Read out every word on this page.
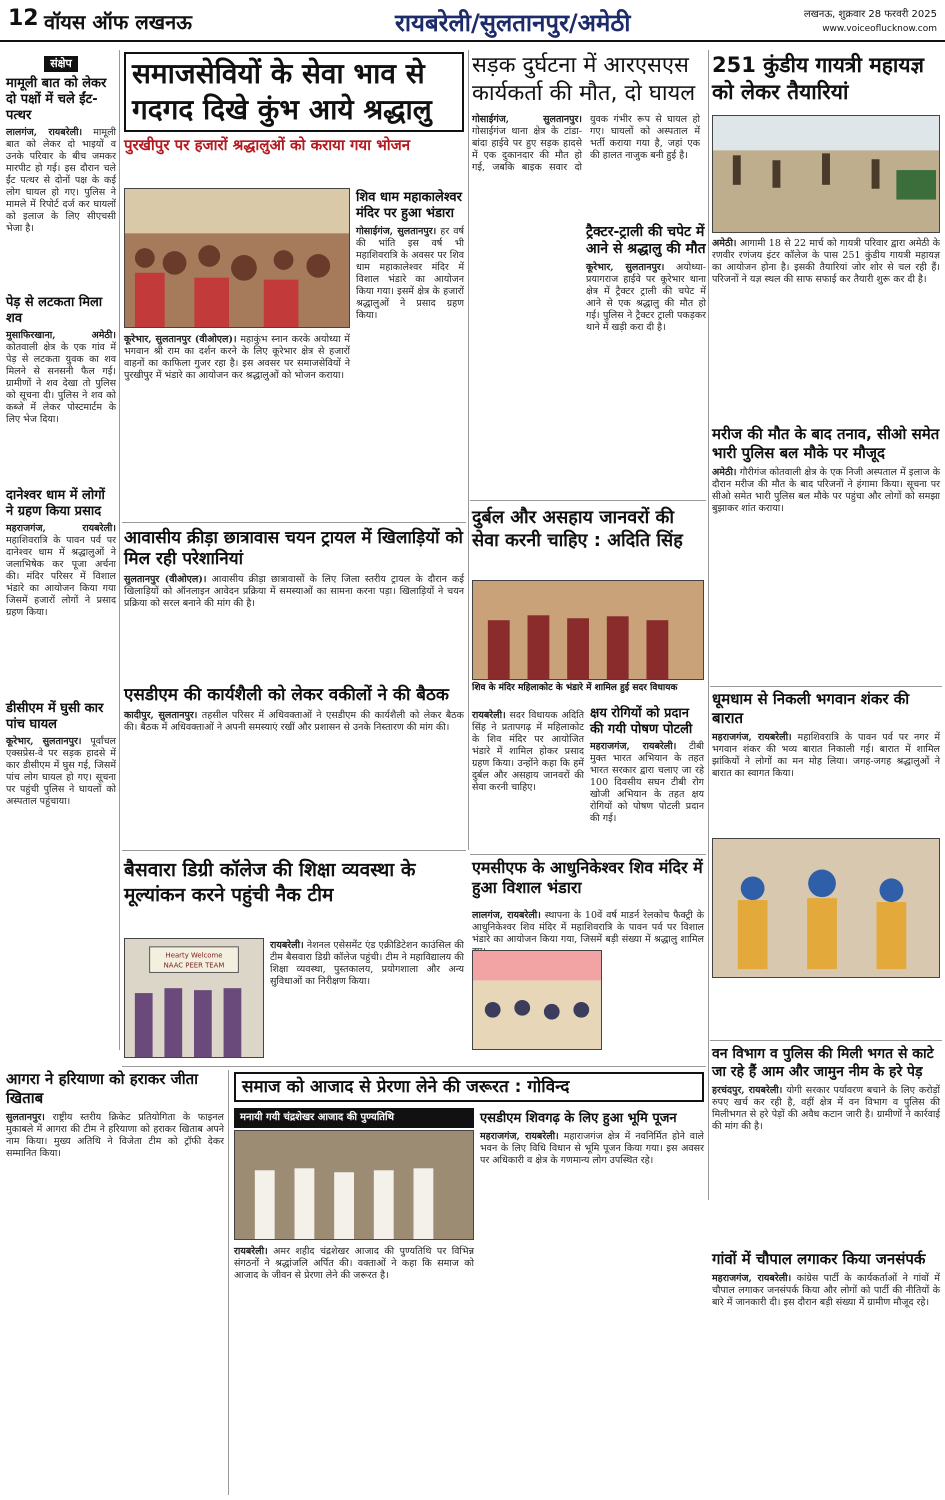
12 वॉयस ऑफ लखनऊ	रायबरेली/सुलतानपुर/अमेठी	लखनऊ, शुक्रवार 28 फरवरी 2025
www.voiceoflucknow.com
संक्षेप
मामूली बात को लेकर दो पक्षों में चले ईंट-पत्थर
लालगंज, रायबरेली। मामूली बात को लेकर दो भाइयों व उनके परिवार के बीच जमकर मारपीट हो गई। इस दौरान चले ईंट पत्थर से दोनों पक्ष के कई लोग घायल हो गए। पुलिस ने मामले में रिपोर्ट दर्ज कर घायलों को इलाज के लिए सीएचसी भेजा है।
पेड़ से लटकता मिला शव
मुसाफिरखाना, अमेठी। कोतवाली क्षेत्र के एक गांव में पेड़ से लटकता युवक का शव मिलने से सनसनी फैल गई। ग्रामीणों ने शव देखा तो पुलिस को सूचना दी। पुलिस ने शव को कब्जे में लेकर पोस्टमार्टम के लिए भेज दिया।
दानेश्वर धाम में लोगों ने ग्रहण किया प्रसाद
महराजगंज, रायबरेली। महाशिवरात्रि के पावन पर्व पर दानेश्वर धाम में श्रद्धालुओं ने जलाभिषेक कर पूजा अर्चना की। मंदिर परिसर में विशाल भंडारे का आयोजन किया गया जिसमें हजारों लोगों ने प्रसाद ग्रहण किया।
डीसीएम में घुसी कार पांच घायल
कूरेभार, सुलतानपुर। पूर्वांचल एक्सप्रेस-वे पर सड़क हादसे में कार डीसीएम में घुस गई, जिसमें पांच लोग घायल हो गए। सूचना पर पहुंची पुलिस ने घायलों को अस्पताल पहुंचाया।
समाजसेवियों के सेवा भाव से गदगद दिखे कुंभ आये श्रद्धालु
पुरखीपुर पर हजारों श्रद्धालुओं को कराया गया भोजन
शिव धाम महाकालेश्वर मंदिर पर हुआ भंडारा
गोसाईगंज, सुलतानपुर। हर वर्ष की भांति इस वर्ष भी महाशिवरात्रि के अवसर पर शिव धाम महाकालेश्वर मंदिर में विशाल भंडारे का आयोजन किया गया। इसमें क्षेत्र के हजारों श्रद्धालुओं ने प्रसाद ग्रहण किया।
कूरेभार, सुलतानपुर (वीओएल)। महाकुंभ स्नान करके अयोध्या में भगवान श्री राम का दर्शन करने के लिए कूरेभार क्षेत्र से हजारों वाहनों का काफिला गुजर रहा है। इस अवसर पर समाजसेवियों ने पुरखीपुर में भंडारे का आयोजन कर श्रद्धालुओं को भोजन कराया।
आवासीय क्रीड़ा छात्रावास चयन ट्रायल में खिलाड़ियों को मिल रही परेशानियां
सुलतानपुर (वीओएल)। आवासीय क्रीड़ा छात्रावासों के लिए जिला स्तरीय ट्रायल के दौरान कई खिलाड़ियों को ऑनलाइन आवेदन प्रक्रिया में समस्याओं का सामना करना पड़ा। खिलाड़ियों ने चयन प्रक्रिया को सरल बनाने की मांग की है।
एसडीएम की कार्यशैली को लेकर वकीलों ने की बैठक
कादीपुर, सुलतानपुर। तहसील परिसर में अधिवक्ताओं ने एसडीएम की कार्यशैली को लेकर बैठक की। बैठक में अधिवक्ताओं ने अपनी समस्याएं रखीं और प्रशासन से उनके निस्तारण की मांग की।
सड़क दुर्घटना में आरएसएस कार्यकर्ता की मौत, दो घायल
गोसाईगंज, सुलतानपुर। गोसाईगंज थाना क्षेत्र के टांडा-बांदा हाईवे पर हुए सड़क हादसे में एक दुकानदार की मौत हो गई, जबकि बाइक सवार दो युवक गंभीर रूप से घायल हो गए। घायलों को अस्पताल में भर्ती कराया गया है, जहां एक की हालत नाजुक बनी हुई है।
ट्रैक्टर-ट्राली की चपेट में आने से श्रद्धालु की मौत
कूरेभार, सुलतानपुर। अयोध्या-प्रयागराज हाईवे पर कूरेभार थाना क्षेत्र में ट्रैक्टर ट्राली की चपेट में आने से एक श्रद्धालु की मौत हो गई। पुलिस ने ट्रैक्टर ट्राली पकड़कर थाने में खड़ी करा दी है।
251 कुंडीय गायत्री महायज्ञ को लेकर तैयारियां
अमेठी। आगामी 18 से 22 मार्च को गायत्री परिवार द्वारा अमेठी के रणवीर रणंजय इंटर कॉलेज के पास 251 कुंडीय गायत्री महायज्ञ का आयोजन होना है। इसकी तैयारियां जोर शोर से चल रही हैं। परिजनों ने यज्ञ स्थल की साफ सफाई कर तैयारी शुरू कर दी है।
मरीज की मौत के बाद तनाव, सीओ समेत भारी पुलिस बल मौके पर मौजूद
अमेठी। गौरीगंज कोतवाली क्षेत्र के एक निजी अस्पताल में इलाज के दौरान मरीज की मौत के बाद परिजनों ने हंगामा किया। सूचना पर सीओ समेत भारी पुलिस बल मौके पर पहुंचा और लोगों को समझा बुझाकर शांत कराया।
धूमधाम से निकली भगवान शंकर की बारात
महराजगंज, रायबरेली। महाशिवरात्रि के पावन पर्व पर नगर में भगवान शंकर की भव्य बारात निकाली गई। बारात में शामिल झांकियों ने लोगों का मन मोह लिया। जगह-जगह श्रद्धालुओं ने बारात का स्वागत किया।
वन विभाग व पुलिस की मिली भगत से काटे जा रहे हैं आम और जामुन नीम के हरे पेड़
हरचंदपुर, रायबरेली। योगी सरकार पर्यावरण बचाने के लिए करोड़ों रुपए खर्च कर रही है, वहीं क्षेत्र में वन विभाग व पुलिस की मिलीभगत से हरे पेड़ों की अवैध कटान जारी है। ग्रामीणों ने कार्रवाई की मांग की है।
गांवों में चौपाल लगाकर किया जनसंपर्क
महराजगंज, रायबरेली। कांग्रेस पार्टी के कार्यकर्ताओं ने गांवों में चौपाल लगाकर जनसंपर्क किया और लोगों को पार्टी की नीतियों के बारे में जानकारी दी। इस दौरान बड़ी संख्या में ग्रामीण मौजूद रहे।
दुर्बल और असहाय जानवरों की सेवा करनी चाहिए : अदिति सिंह
शिव के मंदिर महिलाकोट के भंडारे में शामिल हुई सदर विधायक
रायबरेली। सदर विधायक अदिति सिंह ने प्रतापगढ़ में महिलाकोट के शिव मंदिर पर आयोजित भंडारे में शामिल होकर प्रसाद ग्रहण किया। उन्होंने कहा कि हमें दुर्बल और असहाय जानवरों की सेवा करनी चाहिए।
क्षय रोगियों को प्रदान की गयी पोषण पोटली
महराजगंज, रायबरेली। टीबी मुक्त भारत अभियान के तहत भारत सरकार द्वारा चलाए जा रहे 100 दिवसीय सघन टीबी रोग खोजी अभियान के तहत क्षय रोगियों को पोषण पोटली प्रदान की गई।
बैसवारा डिग्री कॉलेज की शिक्षा व्यवस्था के मूल्यांकन करने पहुंची नैक टीम
Hearty Welcome
NAAC PEER TEAM
रायबरेली। नेशनल एसेसमेंट एंड एक्रीडिटेशन काउंसिल की टीम बैसवारा डिग्री कॉलेज पहुंची। टीम ने महाविद्यालय की शिक्षा व्यवस्था, पुस्तकालय, प्रयोगशाला और अन्य सुविधाओं का निरीक्षण किया।
एमसीएफ के आधुनिकेश्वर शिव मंदिर में हुआ विशाल भंडारा
लालगंज, रायबरेली। स्थापना के 10वें वर्ष माडर्न रेलकोच फैक्ट्री के आधुनिकेश्वर शिव मंदिर में महाशिवरात्रि के पावन पर्व पर विशाल भंडारे का आयोजन किया गया, जिसमें बड़ी संख्या में श्रद्धालु शामिल
आगरा ने हरियाणा को हराकर जीता खिताब
सुलतानपुर। राष्ट्रीय स्तरीय क्रिकेट प्रतियोगिता के फाइनल मुकाबले में आगरा की टीम ने हरियाणा को हराकर खिताब अपने नाम किया। मुख्य अतिथि ने विजेता टीम को ट्रॉफी देकर सम्मानित किया।
समाज को आजाद से प्रेरणा लेने की जरूरत : गोविन्द
मनायी गयी चंद्रशेखर आजाद की पुण्यतिथि
रायबरेली। अमर शहीद चंद्रशेखर आजाद की पुण्यतिथि पर विभिन्न संगठनों ने श्रद्धांजलि अर्पित की। वक्ताओं ने कहा कि समाज को आजाद के जीवन से प्रेरणा लेने की जरूरत है।
एसडीएम शिवगढ़ के लिए हुआ भूमि पूजन
महराजगंज, रायबरेली। महाराजगंज क्षेत्र में नवनिर्मित होने वाले भवन के लिए विधि विधान से भूमि पूजन किया गया। इस अवसर पर अधिकारी व क्षेत्र के गणमान्य लोग उपस्थित रहे।
